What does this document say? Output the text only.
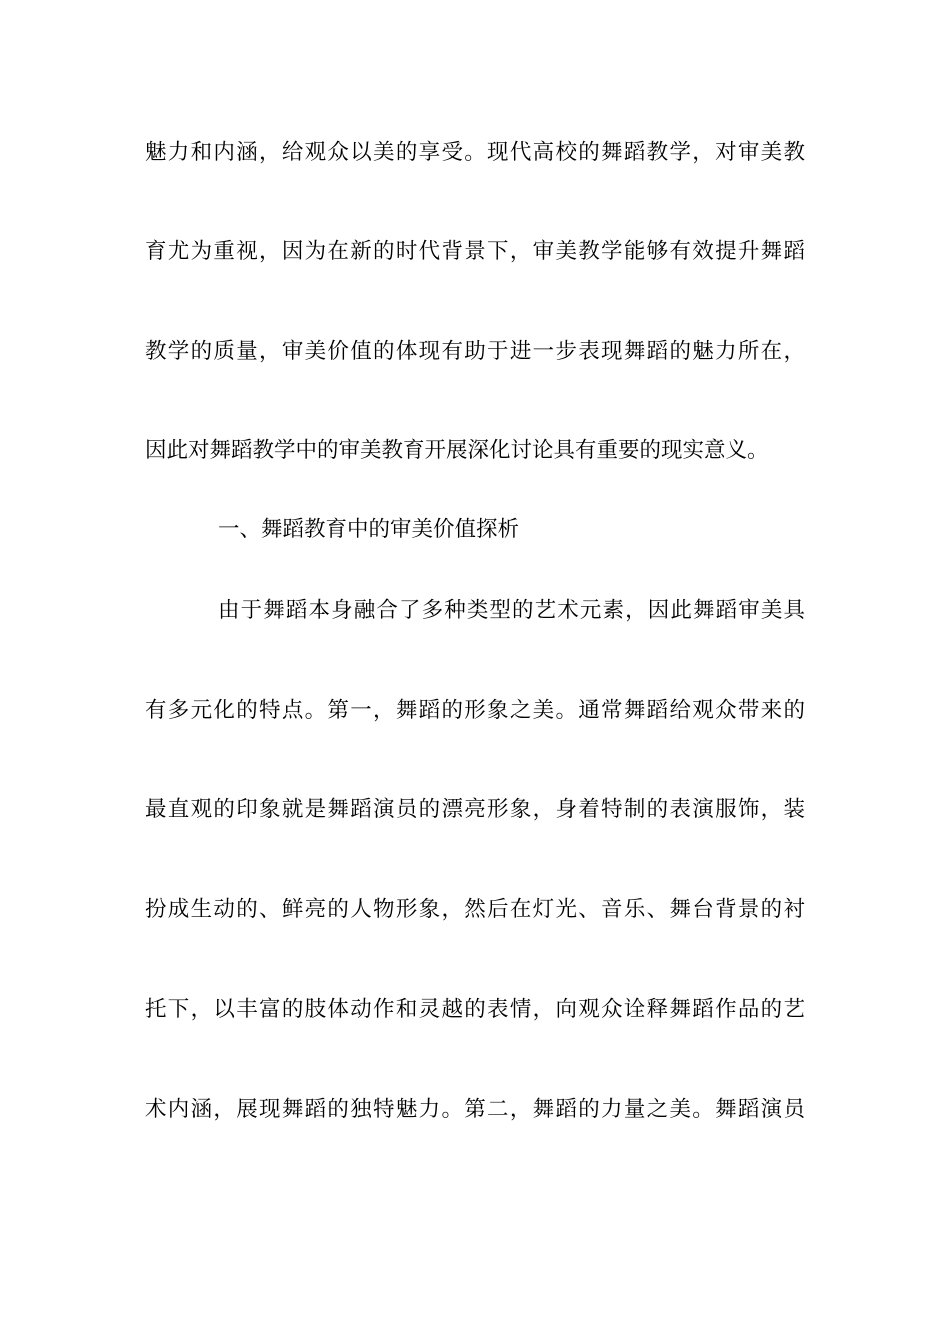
魅力和内涵，给观众以美的享受。现代高校的舞蹈教学，对审美教
育尤为重视，因为在新的时代背景下，审美教学能够有效提升舞蹈
教学的质量，审美价值的体现有助于进一步表现舞蹈的魅力所在，
因此对舞蹈教学中的审美教育开展深化讨论具有重要的现实意义。
一、舞蹈教育中的审美价值探析
由于舞蹈本身融合了多种类型的艺术元素，因此舞蹈审美具
有多元化的特点。第一，舞蹈的形象之美。通常舞蹈给观众带来的
最直观的印象就是舞蹈演员的漂亮形象，身着特制的表演服饰，装
扮成生动的、鲜亮的人物形象，然后在灯光、音乐、舞台背景的衬
托下，以丰富的肢体动作和灵越的表情，向观众诠释舞蹈作品的艺
术内涵，展现舞蹈的独特魅力。第二，舞蹈的力量之美。舞蹈演员
